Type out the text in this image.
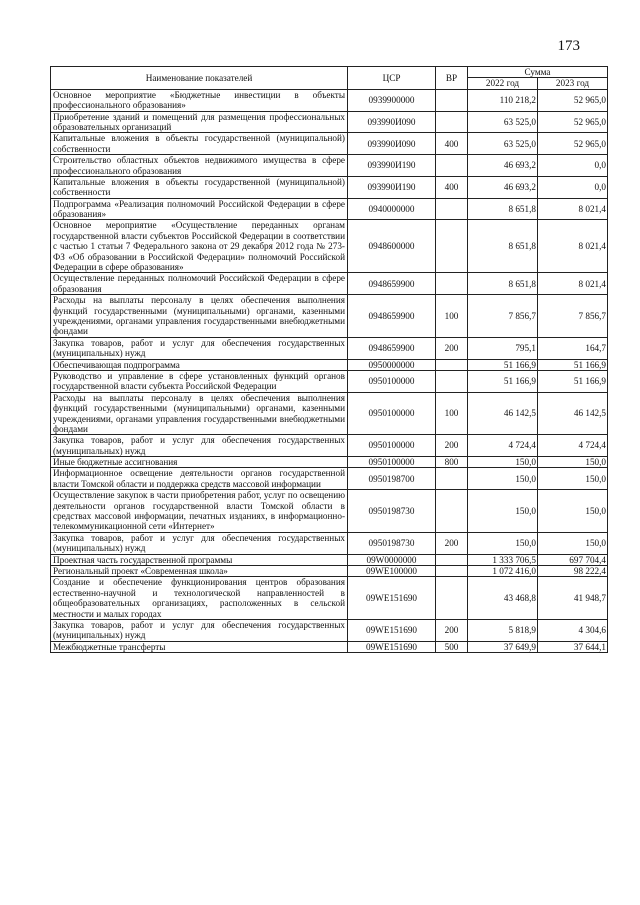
173
Наименование показателей	ЦСР	ВР	Сумма	
			2022 год	2023 год
Основное мероприятие «Бюджетные инвестиции в объекты профессионального образования»	0939900000		110 218,2	52 965,0
Приобретение зданий и помещений для размещения профессиональных образовательных организаций	093990И090		63 525,0	52 965,0
Капитальные вложения в объекты государственной (муниципальной) собственности	093990И090	400	63 525,0	52 965,0
Строительство областных объектов недвижимого имущества в сфере профессионального образования	093990И190		46 693,2	0,0
Капитальные вложения в объекты государственной (муниципальной) собственности	093990И190	400	46 693,2	0,0
Подпрограмма «Реализация полномочий Российской Федерации в сфере образования»	0940000000		8 651,8	8 021,4
Основное мероприятие «Осуществление переданных органам государственной власти субъектов Российской Федерации в соответствии с частью 1 статьи 7 Федерального закона от 29 декабря 2012 года № 273-ФЗ «Об образовании в Российской Федерации» полномочий Российской Федерации в сфере образования»	0948600000		8 651,8	8 021,4
Осуществление переданных полномочий Российской Федерации в сфере образования	0948659900		8 651,8	8 021,4
Расходы на выплаты персоналу в целях обеспечения выполнения функций государственными (муниципальными) органами, казенными учреждениями, органами управления государственными внебюджетными фондами	0948659900	100	7 856,7	7 856,7
Закупка товаров, работ и услуг для обеспечения государственных (муниципальных) нужд	0948659900	200	795,1	164,7
Обеспечивающая подпрограмма	0950000000		51 166,9	51 166,9
Руководство и управление в сфере установленных функций органов государственной власти субъекта Российской Федерации	0950100000		51 166,9	51 166,9
Расходы на выплаты персоналу в целях обеспечения выполнения функций государственными (муниципальными) органами, казенными учреждениями, органами управления государственными внебюджетными фондами	0950100000	100	46 142,5	46 142,5
Закупка товаров, работ и услуг для обеспечения государственных (муниципальных) нужд	0950100000	200	4 724,4	4 724,4
Иные бюджетные ассигнования	0950100000	800	150,0	150,0
Информационное освещение деятельности органов государственной власти Томской области и поддержка средств массовой информации	0950198700		150,0	150,0
Осуществление закупок в части приобретения работ, услуг по освещению деятельности органов государственной власти Томской области в средствах массовой информации, печатных изданиях, в информационно-телекоммуникационной сети «Интернет»	0950198730		150,0	150,0
Закупка товаров, работ и услуг для обеспечения государственных (муниципальных) нужд	0950198730	200	150,0	150,0
Проектная часть государственной программы	09W0000000		1 333 706,5	697 704,4
Региональный проект «Современная школа»	09WE100000		1 072 416,0	98 222,4
Создание и обеспечение функционирования центров образования естественно-научной и технологической направленностей в общеобразовательных организациях, расположенных в сельской местности и малых городах	09WE151690		43 468,8	41 948,7
Закупка товаров, работ и услуг для обеспечения государственных (муниципальных) нужд	09WE151690	200	5 818,9	4 304,6
Межбюджетные трансферты	09WE151690	500	37 649,9	37 644,1
